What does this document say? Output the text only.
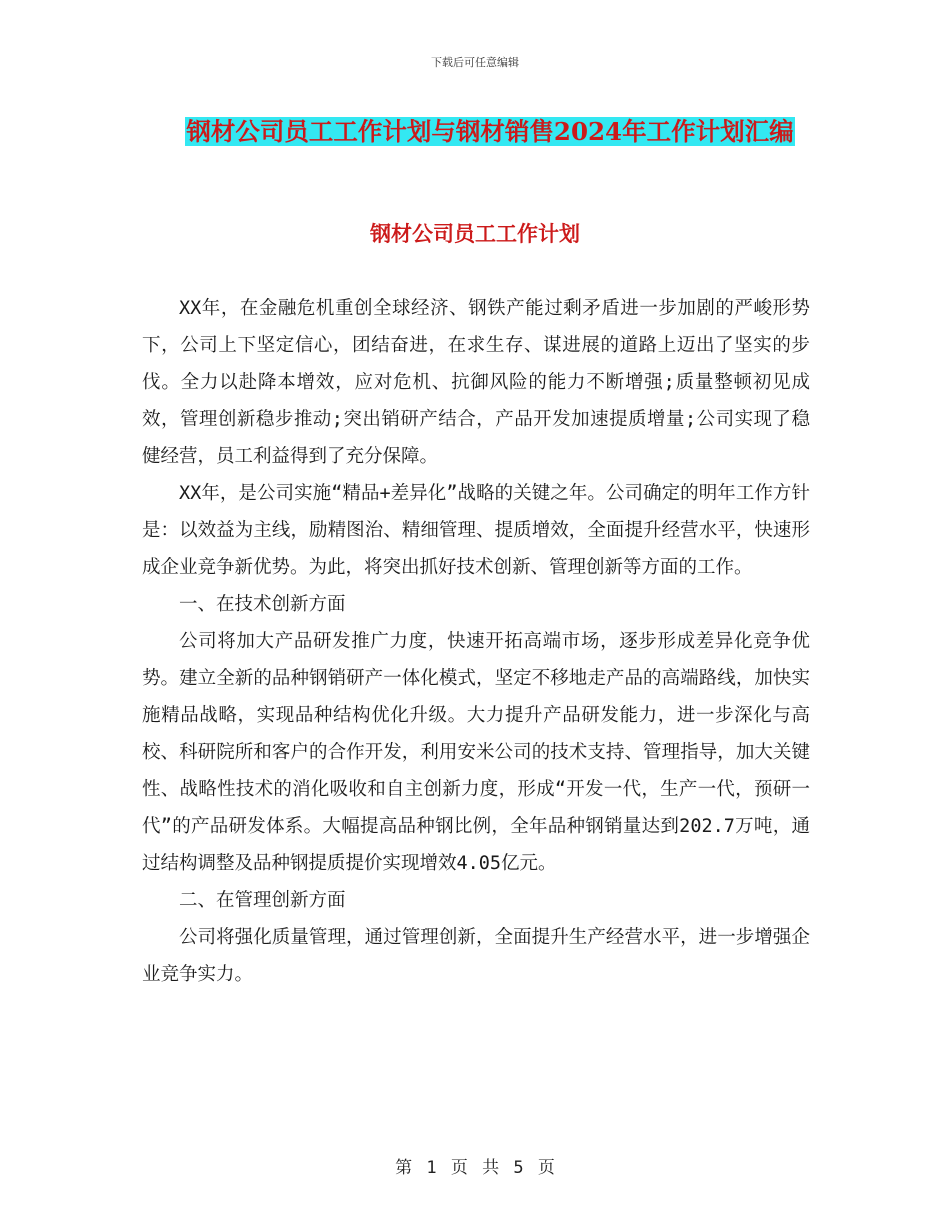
下载后可任意编辑
钢材公司员工工作计划与钢材销售2024年工作计划汇编
钢材公司员工工作计划

XX年，在金融危机重创全球经济、钢铁产能过剩矛盾进一步加剧的严峻形势下，公司上下坚定信心，团结奋进，在求生存、谋进展的道路上迈出了坚实的步伐。全力以赴降本增效，应对危机、抗御风险的能力不断增强;质量整顿初见成效，管理创新稳步推动;突出销研产结合，产品开发加速提质增量;公司实现了稳健经营，员工利益得到了充分保障。

XX年，是公司实施“精品+差异化”战略的关键之年。公司确定的明年工作方针是：以效益为主线，励精图治、精细管理、提质增效，全面提升经营水平，快速形成企业竞争新优势。为此，将突出抓好技术创新、管理创新等方面的工作。

一、在技术创新方面

公司将加大产品研发推广力度，快速开拓高端市场，逐步形成差异化竞争优势。建立全新的品种钢销研产一体化模式，坚定不移地走产品的高端路线，加快实施精品战略，实现品种结构优化升级。大力提升产品研发能力，进一步深化与高校、科研院所和客户的合作开发，利用安米公司的技术支持、管理指导，加大关键性、战略性技术的消化吸收和自主创新力度，形成“开发一代，生产一代，预研一代”的产品研发体系。大幅提高品种钢比例，全年品种钢销量达到202.7万吨，通过结构调整及品种钢提质提价实现增效4.05亿元。

二、在管理创新方面

公司将强化质量管理，通过管理创新，全面提升生产经营水平，进一步增强企业竞争实力。

第 1 页 共 5 页
